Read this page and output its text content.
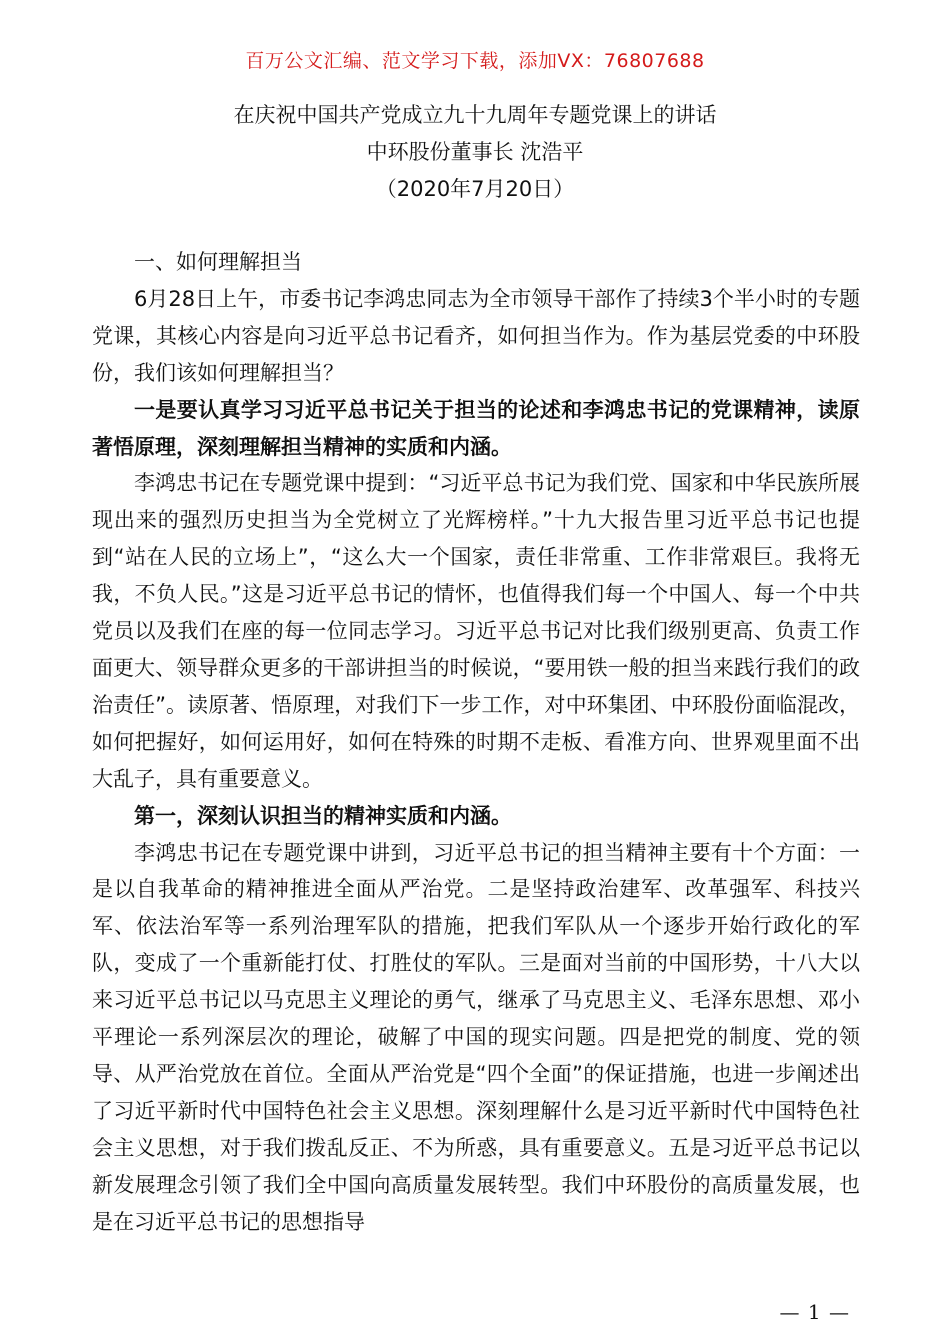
百万公文汇编、范文学习下载，添加VX：76807688
在庆祝中国共产党成立九十九周年专题党课上的讲话
中环股份董事长 沈浩平
（2020年7月20日）

一、如何理解担当

6月28日上午，市委书记李鸿忠同志为全市领导干部作了持续3个半小时的专题党课，其核心内容是向习近平总书记看齐，如何担当作为。作为基层党委的中环股份，我们该如何理解担当？

一是要认真学习习近平总书记关于担当的论述和李鸿忠书记的党课精神，读原著悟原理，深刻理解担当精神的实质和内涵。

李鸿忠书记在专题党课中提到：“习近平总书记为我们党、国家和中华民族所展现出来的强烈历史担当为全党树立了光辉榜样。”十九大报告里习近平总书记也提到“站在人民的立场上”，“这么大一个国家，责任非常重、工作非常艰巨。我将无我，不负人民。”这是习近平总书记的情怀，也值得我们每一个中国人、每一个中共党员以及我们在座的每一位同志学习。习近平总书记对比我们级别更高、负责工作面更大、领导群众更多的干部讲担当的时候说，“要用铁一般的担当来践行我们的政治责任”。读原著、悟原理，对我们下一步工作，对中环集团、中环股份面临混改，如何把握好，如何运用好，如何在特殊的时期不走板、看准方向、世界观里面不出大乱子，具有重要意义。

第一，深刻认识担当的精神实质和内涵。

李鸿忠书记在专题党课中讲到，习近平总书记的担当精神主要有十个方面：一是以自我革命的精神推进全面从严治党。二是坚持政治建军、改革强军、科技兴军、依法治军等一系列治理军队的措施，把我们军队从一个逐步开始行政化的军队，变成了一个重新能打仗、打胜仗的军队。三是面对当前的中国形势，十八大以来习近平总书记以马克思主义理论的勇气，继承了马克思主义、毛泽东思想、邓小平理论一系列深层次的理论，破解了中国的现实问题。四是把党的制度、党的领导、从严治党放在首位。全面从严治党是“四个全面”的保证措施，也进一步阐述出了习近平新时代中国特色社会主义思想。深刻理解什么是习近平新时代中国特色社会主义思想，对于我们拨乱反正、不为所惑，具有重要意义。五是习近平总书记以新发展理念引领了我们全中国向高质量发展转型。我们中环股份的高质量发展，也是在习近平总书记的思想指导

— 1 —
